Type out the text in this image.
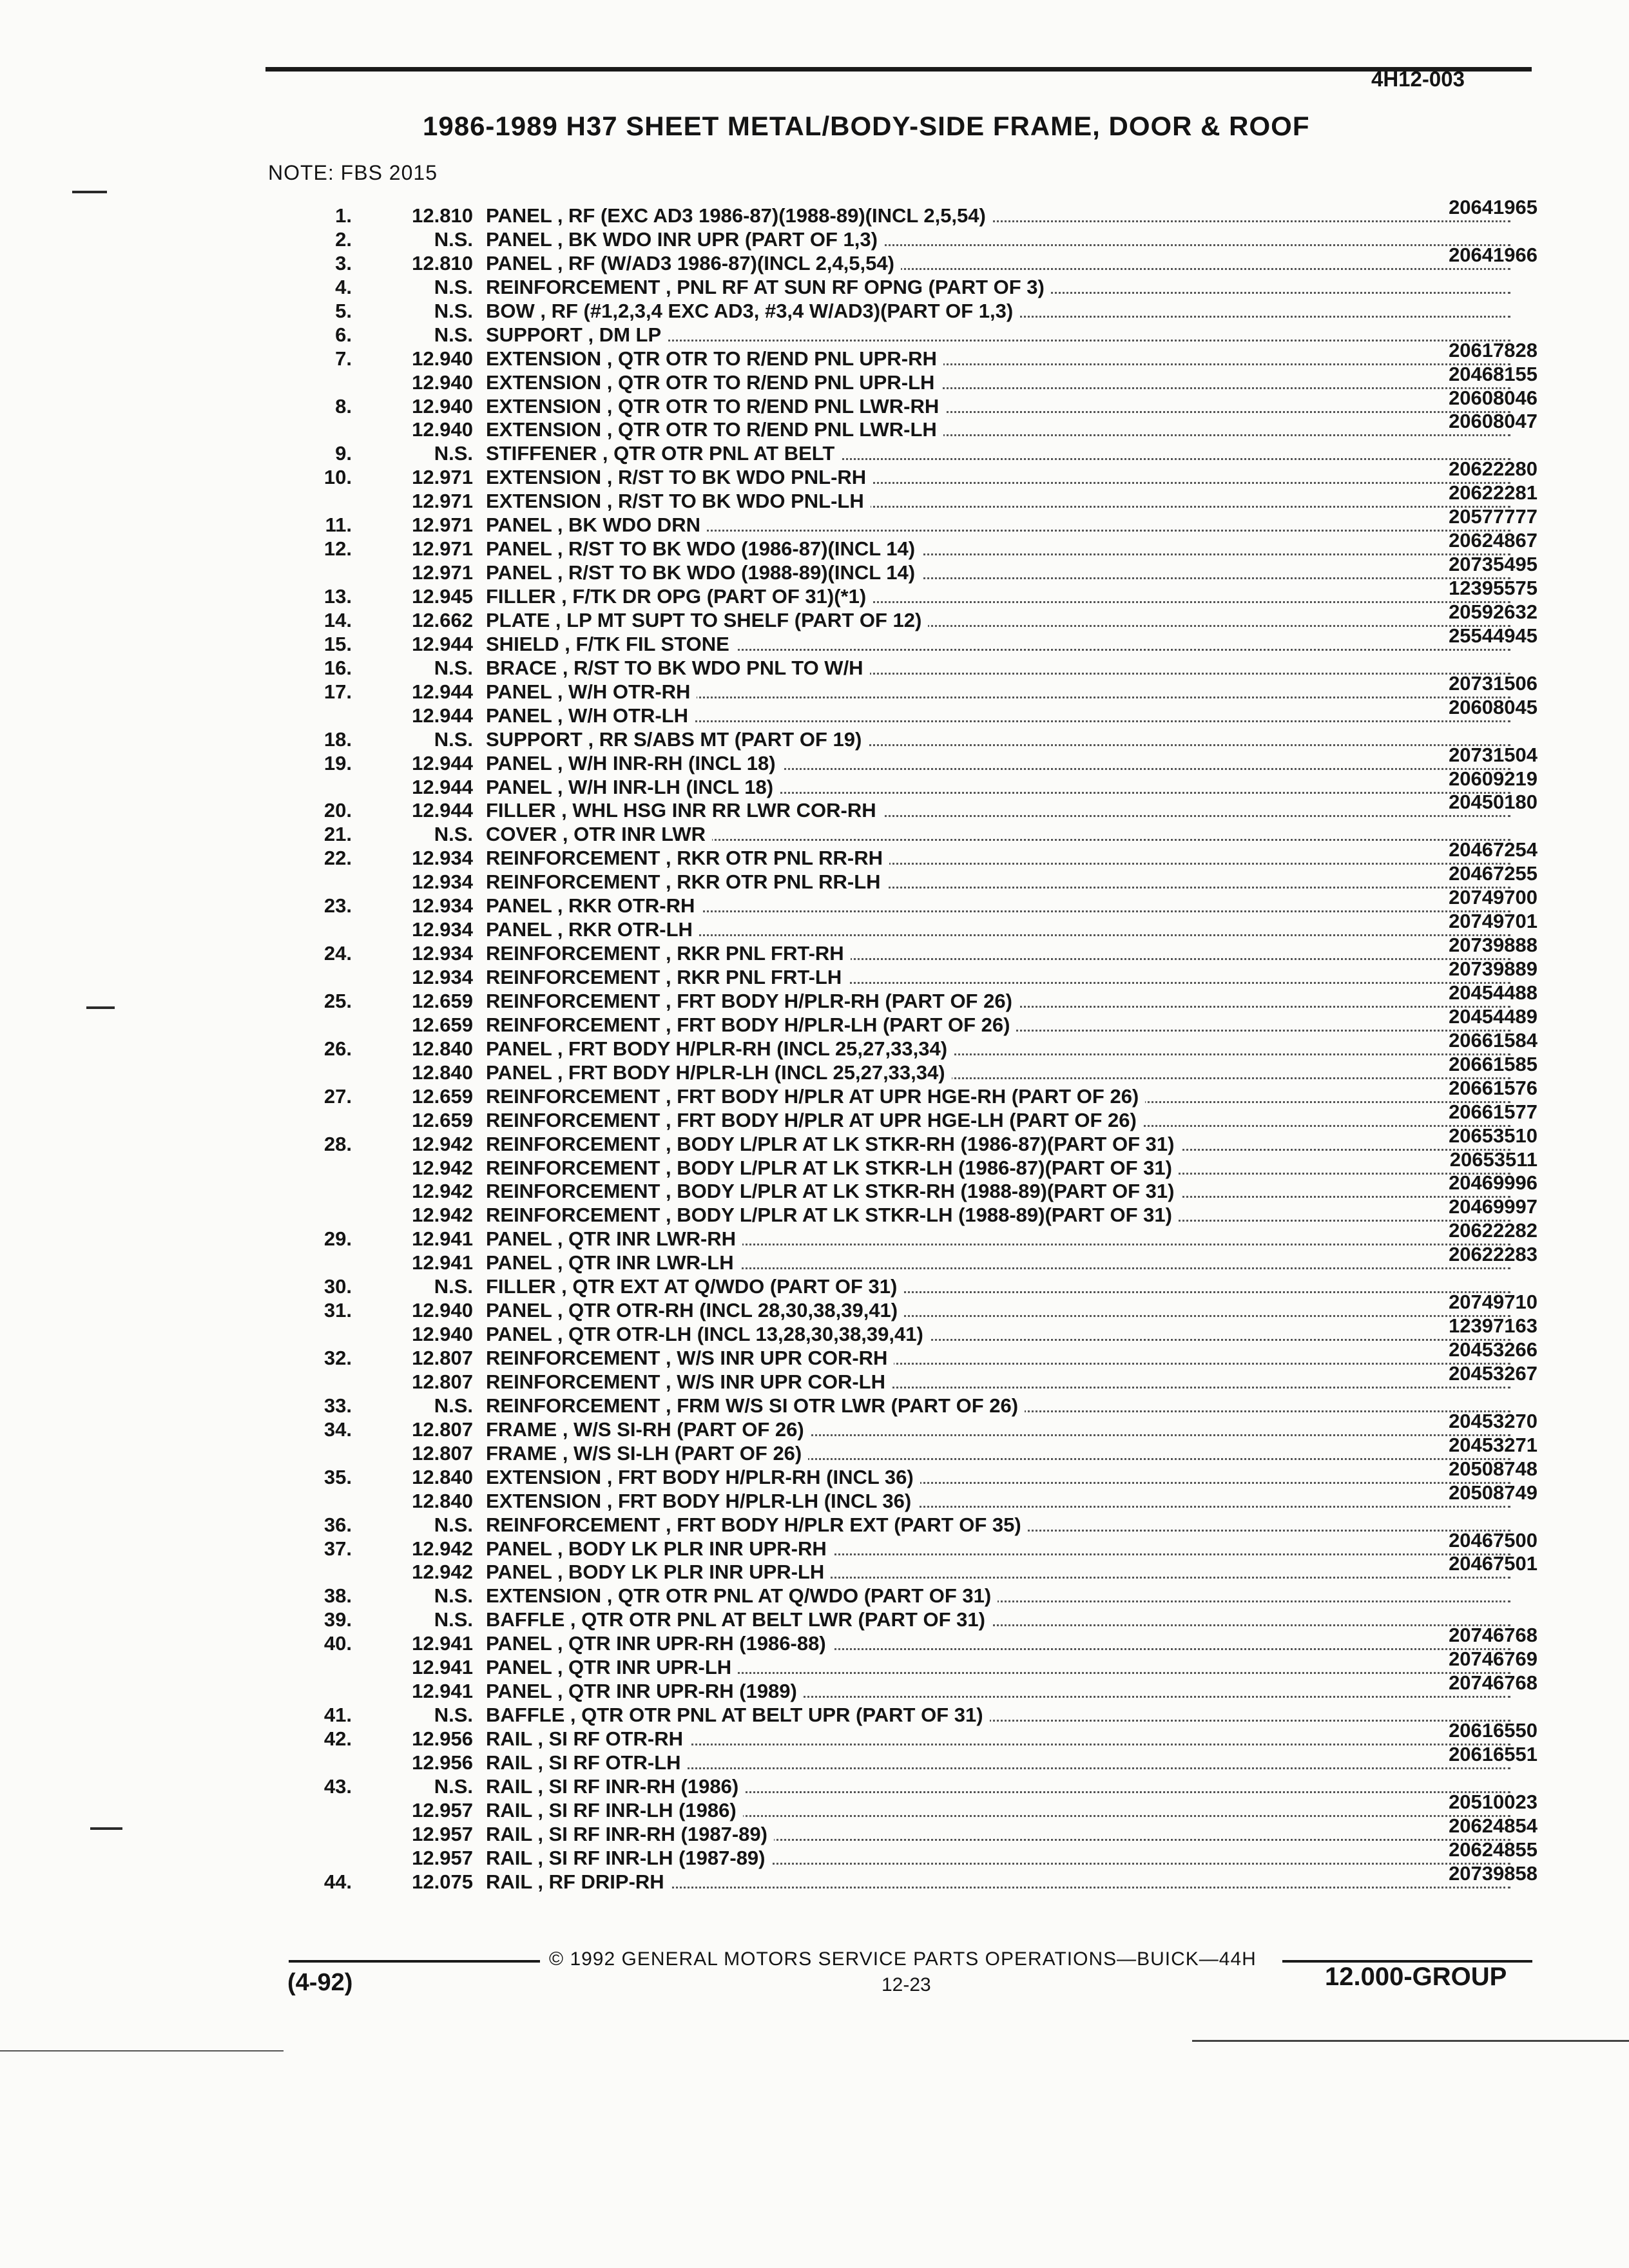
4H12-003
1986-1989 H37 SHEET METAL/BODY-SIDE FRAME, DOOR & ROOF
NOTE: FBS 2015
1.	12.810 PANEL , RF (EXC AD3 1986-87)(1988-89)(INCL 2,5,54)	20641965
2.	N.S. PANEL , BK WDO INR UPR (PART OF 1,3)
3.	12.810 PANEL , RF (W/AD3 1986-87)(INCL 2,4,5,54)	20641966
4.	N.S. REINFORCEMENT , PNL RF AT SUN RF OPNG (PART OF 3)
5.	N.S. BOW , RF (#1,2,3,4 EXC AD3, #3,4 W/AD3)(PART OF 1,3)
6.	N.S. SUPPORT , DM LP
7.	12.940 EXTENSION , QTR OTR TO R/END PNL UPR-RH	20617828
12.940 EXTENSION , QTR OTR TO R/END PNL UPR-LH	20468155
8.	12.940 EXTENSION , QTR OTR TO R/END PNL LWR-RH	20608046
12.940 EXTENSION , QTR OTR TO R/END PNL LWR-LH	20608047
9.	N.S. STIFFENER , QTR OTR PNL AT BELT
10.	12.971 EXTENSION , R/ST TO BK WDO PNL-RH	20622280
12.971 EXTENSION , R/ST TO BK WDO PNL-LH	20622281
11.	12.971 PANEL , BK WDO DRN	20577777
12.	12.971 PANEL , R/ST TO BK WDO (1986-87)(INCL 14)	20624867
12.971 PANEL , R/ST TO BK WDO (1988-89)(INCL 14)	20735495
13.	12.945 FILLER , F/TK DR OPG (PART OF 31)(*1)	12395575
14.	12.662 PLATE , LP MT SUPT TO SHELF (PART OF 12)	20592632
15.	12.944 SHIELD , F/TK FIL STONE	25544945
16.	N.S. BRACE , R/ST TO BK WDO PNL TO W/H
17.	12.944 PANEL , W/H OTR-RH	20731506
12.944 PANEL , W/H OTR-LH	20608045
18.	N.S. SUPPORT , RR S/ABS MT (PART OF 19)
19.	12.944 PANEL , W/H INR-RH (INCL 18)	20731504
12.944 PANEL , W/H INR-LH (INCL 18)	20609219
20.	12.944 FILLER , WHL HSG INR RR LWR COR-RH	20450180
21.	N.S. COVER , OTR INR LWR
22.	12.934 REINFORCEMENT , RKR OTR PNL RR-RH	20467254
12.934 REINFORCEMENT , RKR OTR PNL RR-LH	20467255
23.	12.934 PANEL , RKR OTR-RH	20749700
12.934 PANEL , RKR OTR-LH	20749701
24.	12.934 REINFORCEMENT , RKR PNL FRT-RH	20739888
12.934 REINFORCEMENT , RKR PNL FRT-LH	20739889
25.	12.659 REINFORCEMENT , FRT BODY H/PLR-RH (PART OF 26)	20454488
12.659 REINFORCEMENT , FRT BODY H/PLR-LH (PART OF 26)	20454489
26.	12.840 PANEL , FRT BODY H/PLR-RH (INCL 25,27,33,34)	20661584
12.840 PANEL , FRT BODY H/PLR-LH (INCL 25,27,33,34)	20661585
27.	12.659 REINFORCEMENT , FRT BODY H/PLR AT UPR HGE-RH (PART OF 26)	20661576
12.659 REINFORCEMENT , FRT BODY H/PLR AT UPR HGE-LH (PART OF 26)	20661577
28.	12.942 REINFORCEMENT , BODY L/PLR AT LK STKR-RH (1986-87)(PART OF 31)	20653510
12.942 REINFORCEMENT , BODY L/PLR AT LK STKR-LH (1986-87)(PART OF 31)	20653511
12.942 REINFORCEMENT , BODY L/PLR AT LK STKR-RH (1988-89)(PART OF 31)	20469996
12.942 REINFORCEMENT , BODY L/PLR AT LK STKR-LH (1988-89)(PART OF 31)	20469997
29.	12.941 PANEL , QTR INR LWR-RH	20622282
12.941 PANEL , QTR INR LWR-LH	20622283
30.	N.S. FILLER , QTR EXT AT Q/WDO (PART OF 31)
31.	12.940 PANEL , QTR OTR-RH (INCL 28,30,38,39,41)	20749710
12.940 PANEL , QTR OTR-LH (INCL 13,28,30,38,39,41)	12397163
32.	12.807 REINFORCEMENT , W/S INR UPR COR-RH	20453266
12.807 REINFORCEMENT , W/S INR UPR COR-LH	20453267
33.	N.S. REINFORCEMENT , FRM W/S SI OTR LWR (PART OF 26)
34.	12.807 FRAME , W/S SI-RH (PART OF 26)	20453270
12.807 FRAME , W/S SI-LH (PART OF 26)	20453271
35.	12.840 EXTENSION , FRT BODY H/PLR-RH (INCL 36)	20508748
12.840 EXTENSION , FRT BODY H/PLR-LH (INCL 36)	20508749
36.	N.S. REINFORCEMENT , FRT BODY H/PLR EXT (PART OF 35)
37.	12.942 PANEL , BODY LK PLR INR UPR-RH	20467500
12.942 PANEL , BODY LK PLR INR UPR-LH	20467501
38.	N.S. EXTENSION , QTR OTR PNL AT Q/WDO (PART OF 31)
39.	N.S. BAFFLE , QTR OTR PNL AT BELT LWR (PART OF 31)
40.	12.941 PANEL , QTR INR UPR-RH (1986-88)	20746768
12.941 PANEL , QTR INR UPR-LH	20746769
12.941 PANEL , QTR INR UPR-RH (1989)	20746768
41.	N.S. BAFFLE , QTR OTR PNL AT BELT UPR (PART OF 31)
42.	12.956 RAIL , SI RF OTR-RH	20616550
12.956 RAIL , SI RF OTR-LH	20616551
43.	N.S. RAIL , SI RF INR-RH (1986)
12.957 RAIL , SI RF INR-LH (1986)	20510023
12.957 RAIL , SI RF INR-RH (1987-89)	20624854
12.957 RAIL , SI RF INR-LH (1987-89)	20624855
44.	12.075 RAIL , RF DRIP-RH	20739858
© 1992 GENERAL MOTORS SERVICE PARTS OPERATIONS—BUICK—44H
12-23
(4-92)	12.000-GROUP
